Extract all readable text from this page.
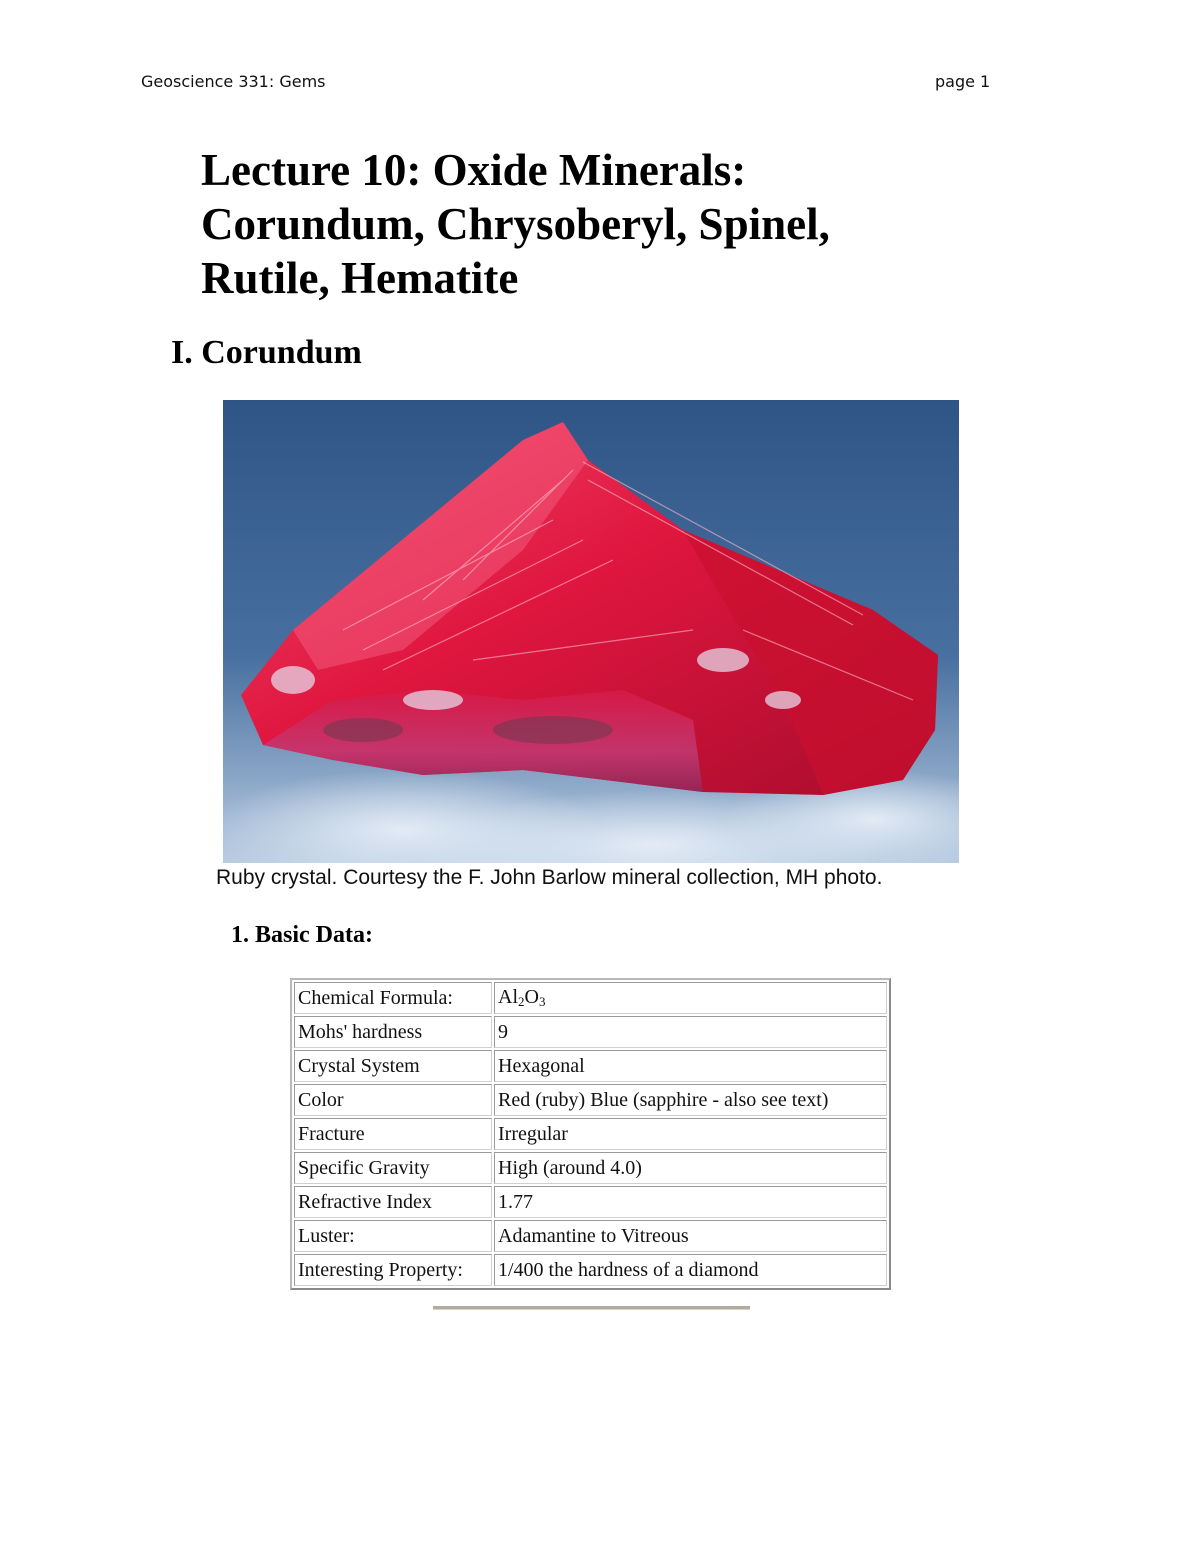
Geoscience 331: Gems	page 1
Lecture 10: Oxide Minerals: Corundum, Chrysoberyl, Spinel, Rutile, Hematite
I. Corundum
Ruby crystal. Courtesy the F. John Barlow mineral collection, MH photo.
1. Basic Data:
Chemical Formula:	$Al_2O_3$
Mohs' hardness	9
Crystal System	Hexagonal
Color	Red (ruby) Blue (sapphire - also see text)
Fracture	Irregular
Specific Gravity	High (around 4.0)
Refractive Index	1.77
Luster:	Adamantine to Vitreous
Interesting Property:	1/400 the hardness of a diamond
